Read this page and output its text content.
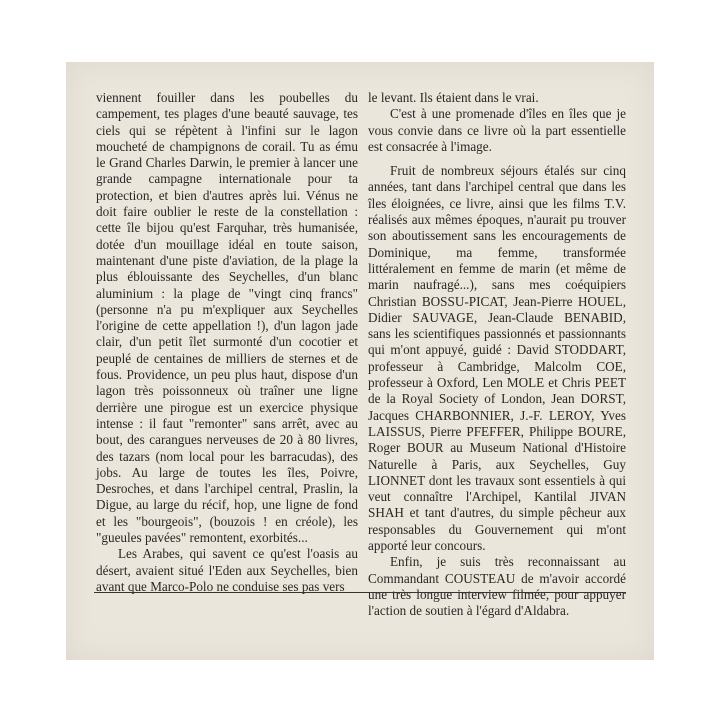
viennent fouiller dans les poubelles du campement, tes plages d'une beauté sauvage, tes ciels qui se répètent à l'infini sur le lagon moucheté de champignons de corail. Tu as ému le Grand Charles Darwin, le premier à lancer une grande campagne internationale pour ta protection, et bien d'autres après lui. Vénus ne doit faire oublier le reste de la constellation : cette île bijou qu'est Farquhar, très humanisée, dotée d'un mouillage idéal en toute saison, maintenant d'une piste d'aviation, de la plage la plus éblouissante des Seychelles, d'un blanc aluminium : la plage de "vingt cinq francs" (personne n'a pu m'expliquer aux Seychelles l'origine de cette appellation !), d'un lagon jade clair, d'un petit îlet surmonté d'un cocotier et peuplé de centaines de milliers de sternes et de fous. Providence, un peu plus haut, dispose d'un lagon très poissonneux où traîner une ligne derrière une pirogue est un exercice physique intense : il faut "remonter" sans arrêt, avec au bout, des carangues nerveuses de 20 à 80 livres, des tazars (nom local pour les barracudas), des jobs. Au large de toutes les îles, Poivre, Desroches, et dans l'archipel central, Praslin, la Digue, au large du récif, hop, une ligne de fond et les "bourgeois", (bouzois ! en créole), les "gueules pavées" remontent, exorbités...

Les Arabes, qui savent ce qu'est l'oasis au désert, avaient situé l'Eden aux Seychelles, bien avant que Marco-Polo ne conduise ses pas vers

le levant. Ils étaient dans le vrai.

C'est à une promenade d'îles en îles que je vous convie dans ce livre où la part essentielle est consacrée à l'image.

Fruit de nombreux séjours étalés sur cinq années, tant dans l'archipel central que dans les îles éloignées, ce livre, ainsi que les films T.V. réalisés aux mêmes époques, n'aurait pu trouver son aboutissement sans les encouragements de Dominique, ma femme, transformée littéralement en femme de marin (et même de marin naufragé...), sans mes coéquipiers Christian BOSSU-PICAT, Jean-Pierre HOUEL, Didier SAUVAGE, Jean-Claude BENABID, sans les scientifiques passionnés et passionnants qui m'ont appuyé, guidé : David STODDART, professeur à Cambridge, Malcolm COE, professeur à Oxford, Len MOLE et Chris PEET de la Royal Society of London, Jean DORST, Jacques CHARBONNIER, J.-F. LEROY, Yves LAISSUS, Pierre PFEFFER, Philippe BOURE, Roger BOUR au Museum National d'Histoire Naturelle à Paris, aux Seychelles, Guy LIONNET dont les travaux sont essentiels à qui veut connaître l'Archipel, Kantilal JIVAN SHAH et tant d'autres, du simple pêcheur aux responsables du Gouvernement qui m'ont apporté leur concours.

Enfin, je suis très reconnaissant au Commandant COUSTEAU de m'avoir accordé une très longue interview filmée, pour appuyer l'action de soutien à l'égard d'Aldabra.
